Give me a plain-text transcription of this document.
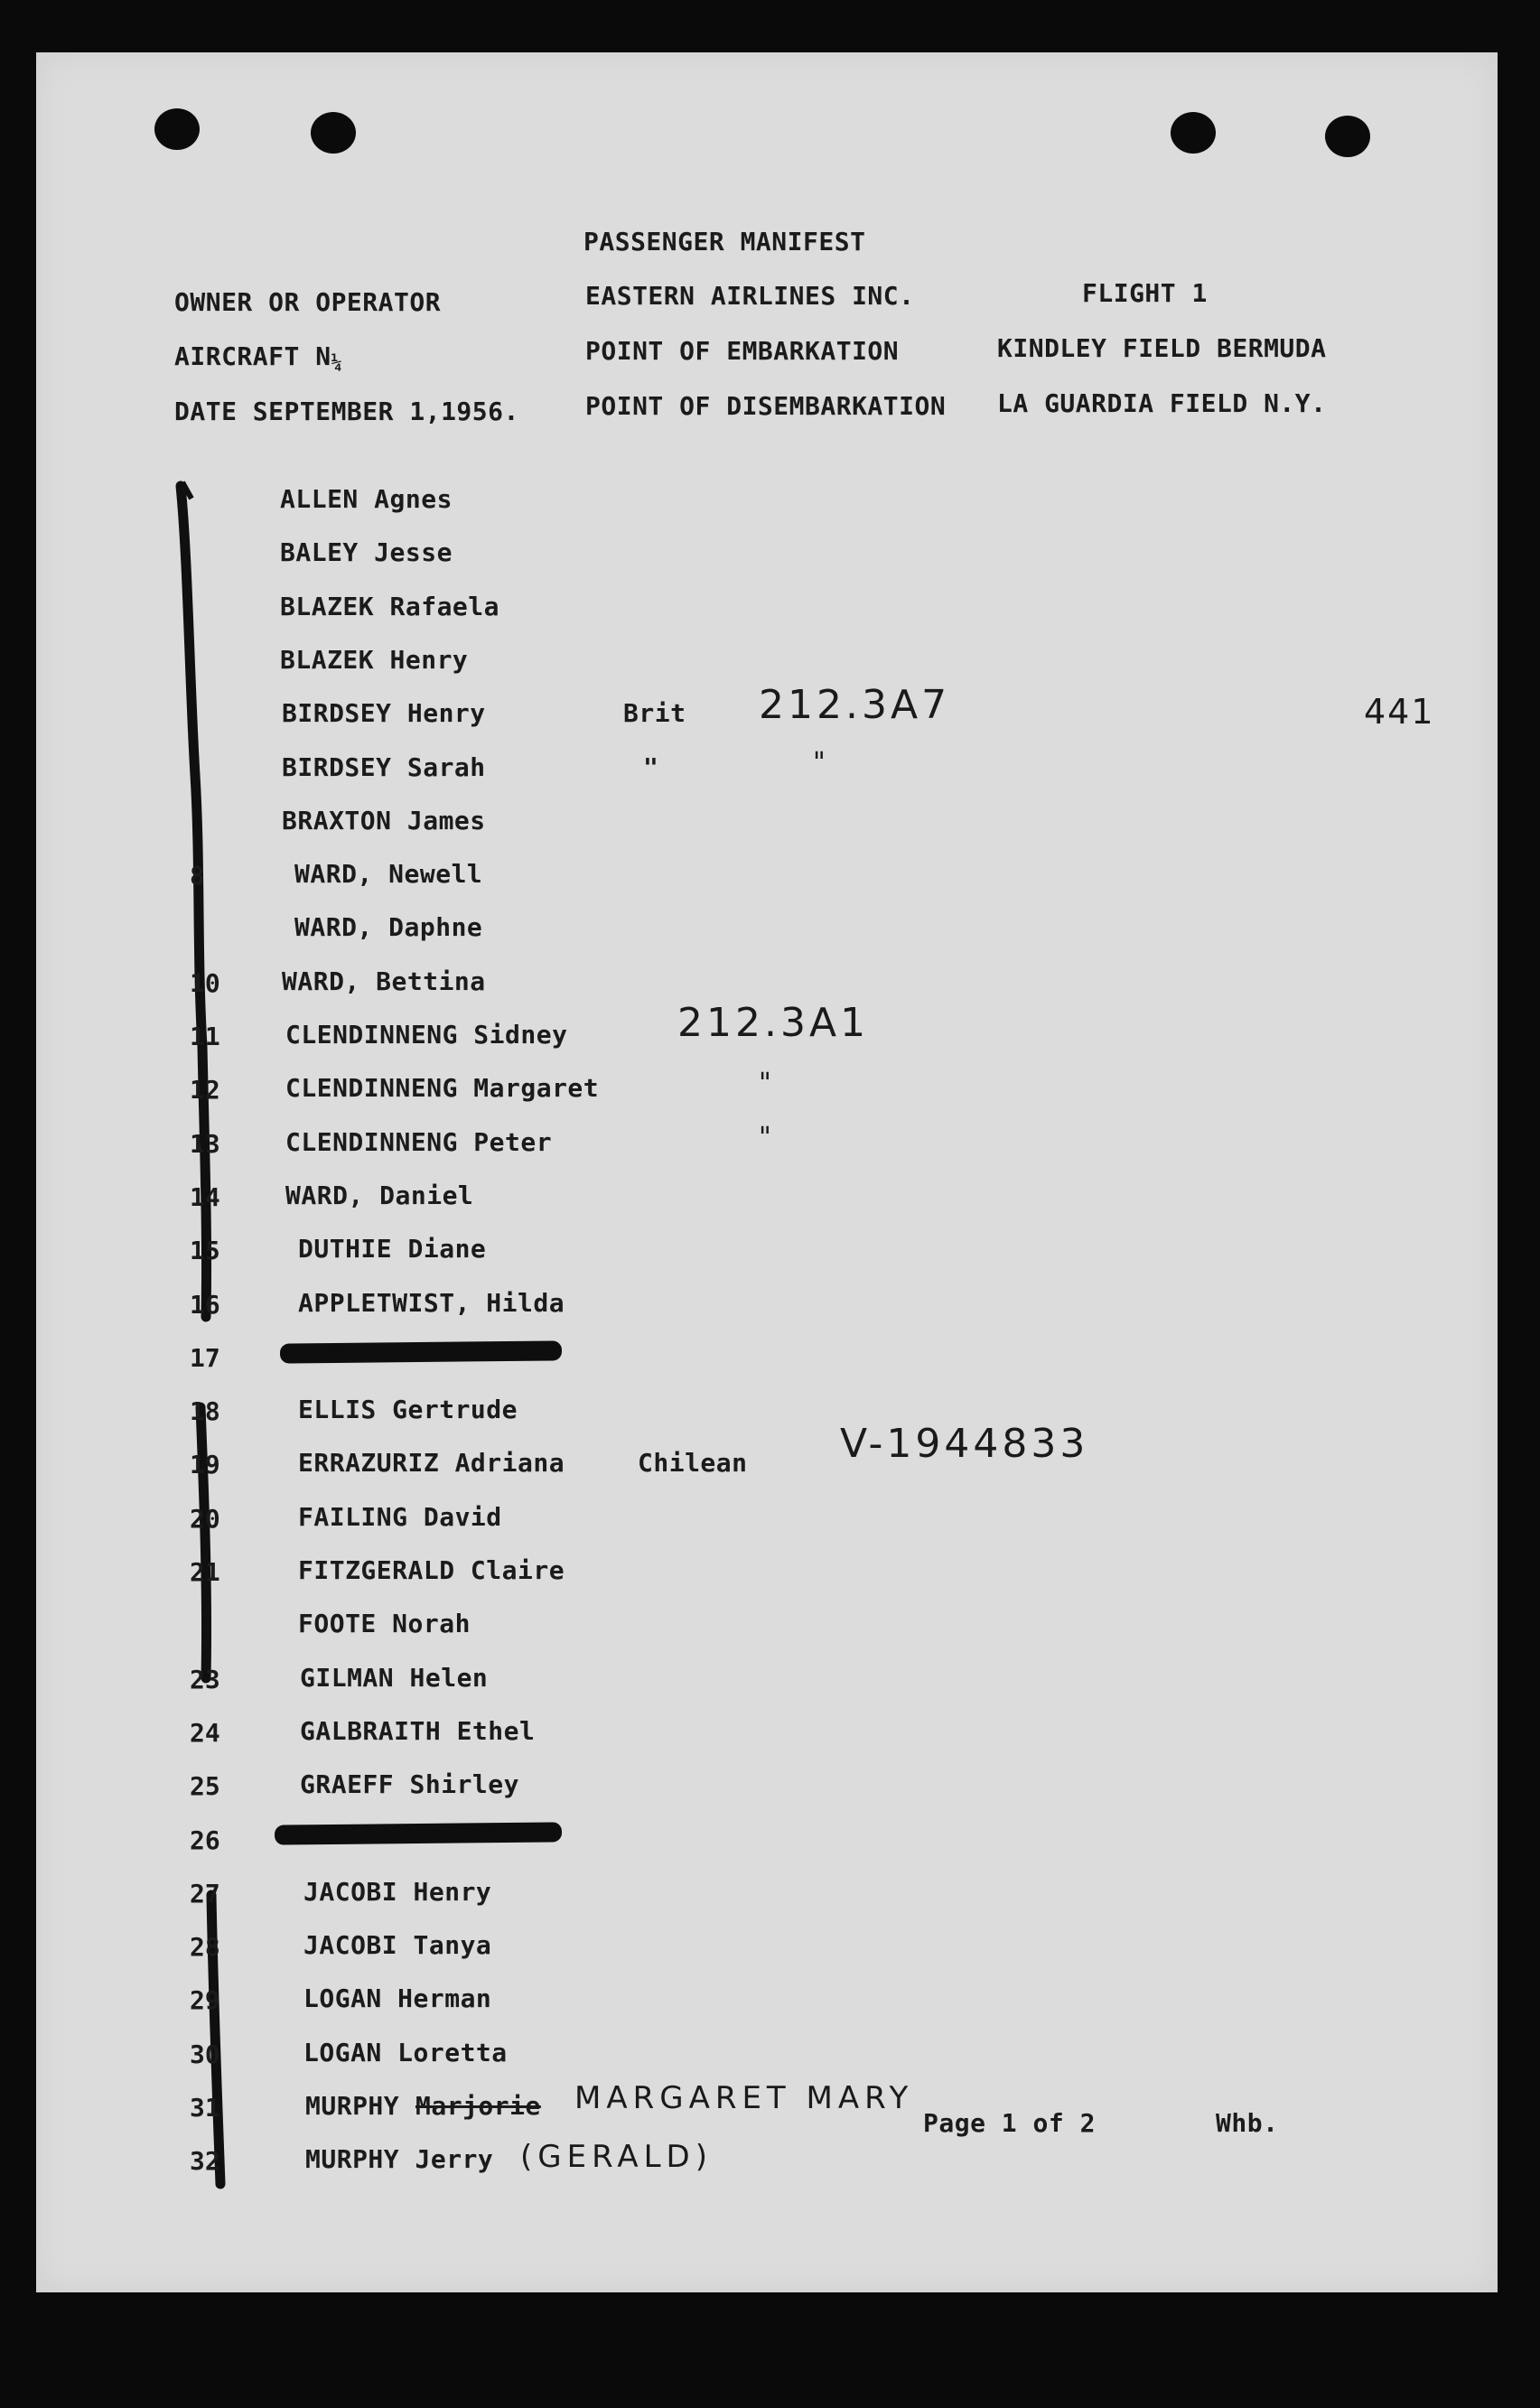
PASSENGER MANIFEST
OWNER OR OPERATOR	EASTERN AIRLINES INC.	FLIGHT 1
AIRCRAFT N¼	POINT OF EMBARKATION	KINDLEY FIELD BERMUDA
DATE SEPTEMBER 1,1956.	POINT OF DISEMBARKATION LA GUARDIA FIELD N.Y.
441
ALLEN Agnes
BALEY Jesse
BLAZEK Rafaela
BLAZEK Henry
BIRDSEY Henry	Brit 212.3A7
BIRDSEY Sarah	"	"
BRAXTON James
8	WARD, Newell
WARD, Daphne
10 WARD, Bettina
11	CLENDINNENG Sidney	212.3A1
12	CLENDINNENG Margaret	"
13	CLENDINNENG Peter	"
14	WARD, Daniel
15	DUTHIE Diane
16	APPLETWIST, Hilda
17
18	ELLIS Gertrude
19	ERRAZURIZ Adriana	Chilean V-1944833
20	FAILING David
21	FITZGERALD Claire
FOOTE Norah
23	GILMAN Helen
24	GALBRAITH Ethel
25	GRAEFF Shirley
26
27	JACOBI Henry
28	JACOBI Tanya
29	LOGAN Herman
30	LOGAN Loretta
31	MURPHY Marjorie MARGARET MARY
32	MURPHY Jerry (GERALD)
Page 1 of 2	Whb.
